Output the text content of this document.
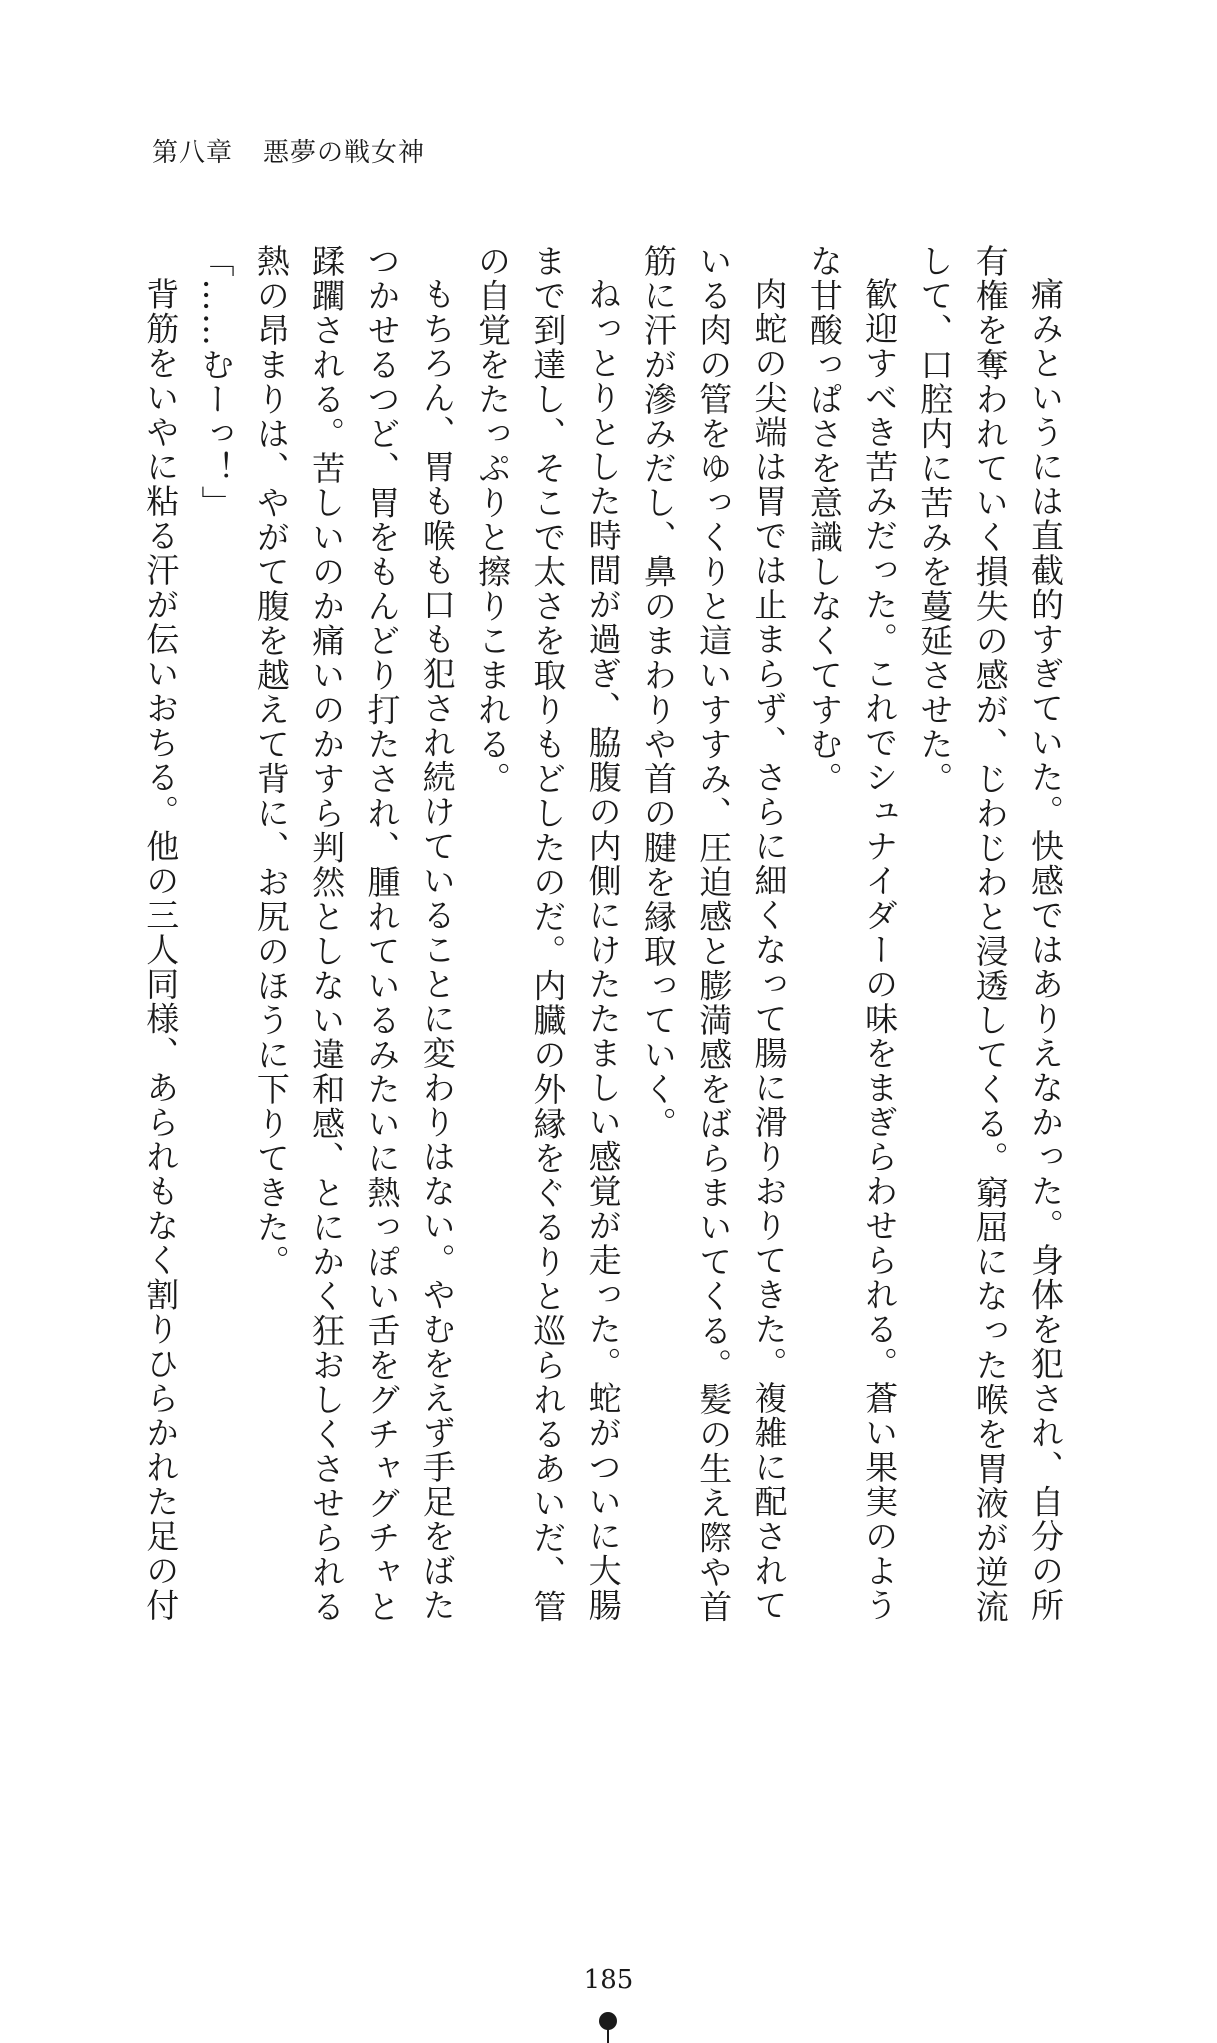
第八章 悪夢の戦女神

痛みというには直截的すぎていた。快感ではありえなかった。身体を犯され、自分の所

有権を奪われていく損失の感が、じわじわと浸透してくる。窮屈になった喉を胃液が逆流

して、口腔内に苦みを蔓延させた。

歓迎すべき苦みだった。これでシュナイダーの味をまぎらわせられる。蒼い果実のよう

な甘酸っぱさを意識しなくてすむ。

肉蛇の尖端は胃では止まらず、さらに細くなって腸に滑りおりてきた。複雑に配されて

いる肉の管をゆっくりと這いすすみ、圧迫感と膨満感をばらまいてくる。髪の生え際や首

筋に汗が滲みだし、鼻のまわりや首の腱を縁取っていく。

ねっとりとした時間が過ぎ、脇腹の内側にけたたましい感覚が走った。蛇がついに大腸

まで到達し、そこで太さを取りもどしたのだ。内臓の外縁をぐるりと巡られるあいだ、管

の自覚をたっぷりと擦りこまれる。

もちろん、胃も喉も口も犯され続けていることに変わりはない。やむをえず手足をばた

つかせるつど、胃をもんどり打たされ、腫れているみたいに熱っぽい舌をグチャグチャと

蹂躙される。苦しいのか痛いのかすら判然としない違和感、とにかく狂おしくさせられる

熱の昂まりは、やがて腹を越えて背に、お尻のほうに下りてきた。

「……むーっ！」

背筋をいやに粘る汗が伝いおちる。他の三人同様、あられもなく割りひらかれた足の付

185
